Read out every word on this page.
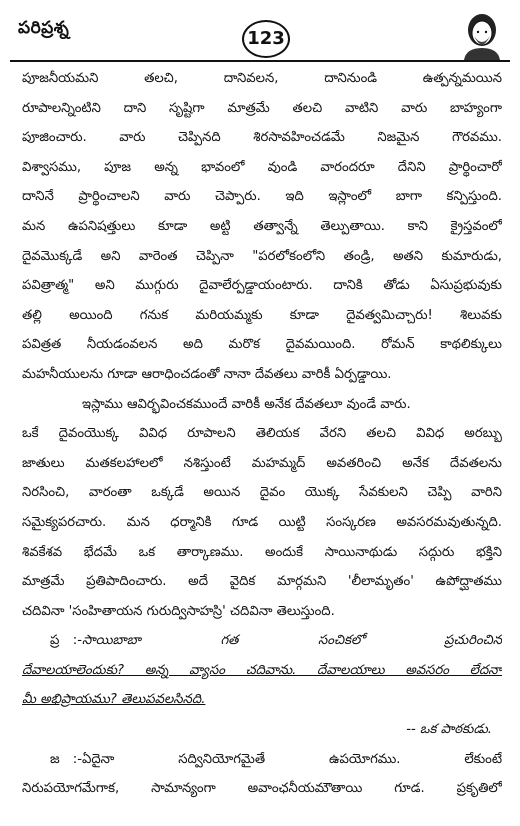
పరిప్రశ్న	123
పూజనీయమని తలచి, దానివలన, దానినుండి ఉత్పన్నమయిన
రూపాలన్నింటిని దాని సృష్టిగా మాత్రమే తలచి వాటిని వారు బాహ్యంగా
పూజించారు. వారు చెప్పినది శిరసావహించడమే నిజమైన గౌరవము.
విశ్వాసము, పూజ అన్న భావంలో వుండి వారందరూ దేనిని ప్రార్థించారో
దానినే ప్రార్థించాలని వారు చెప్పారు. ఇది ఇస్లాంలో బాగా కన్పిస్తుంది.
మన ఉపనిషత్తులు కూడా అట్టి తత్వాన్నే తెల్పుతాయి. కాని క్రైస్తవంలో
దైవమొక్కడే అని వారెంత చెప్పినా "పరలోకంలోని తండ్రి, అతని కుమారుడు,
పవిత్రాత్మ" అని ముగ్గురు దైవాలేర్పడ్డాయంటారు. దానికి తోడు ఏసుప్రభువుకు
తల్లి అయింది గనుక మరియమ్మకు కూడా దైవత్వమిచ్చారు! శిలువకు
పవిత్రత నీయడంవలన అది మరొక దైవమయింది. రోమన్ కాథలిక్కులు
మహనీయులను గూడా ఆరాధించడంతో నానా దేవతలు వారికీ ఏర్పడ్డాయి.
ఇస్లాము ఆవిర్భవించకముందే వారికీ అనేక దేవతలూ వుండే వారు.
ఒకే దైవంయొక్క వివిధ రూపాలని తెలియక వేరని తలచి వివిధ అరబ్బు
జాతులు మతకలహాలలో నశిస్తుంటే మహమ్మద్ అవతరించి అనేక దేవతలను
నిరసించి, వారంతా ఒక్కడే అయిన దైవం యొక్క సేవకులని చెప్పి వారిని
సమైక్యపరచారు. మన ధర్మానికి గూడ యిట్టి సంస్కరణ అవసరమవుతున్నది.
శివకేశవ భేదమే ఒక తార్కాణము. అందుకే సాయినాథుడు సద్గురు భక్తిని
మాత్రమే ప్రతిపాదించారు. అదే వైదిక మార్గమని 'లీలామృతం' ఉపోద్ఘాతము
చదివినా 'సంహితాయన గురుద్విసాహస్రి' చదివినా తెలుస్తుంది.
ప్ర :- సాయిబాబా గత సంచికలో ప్రచురించిన
దేవాలయాలెందుకు? అన్న వ్యాసం చదివాను. దేవాలయాలు అవసరం లేదనా
మీ అభిప్రాయము? తెలుపవలసినది.
-- ఒక పాఠకుడు.
జ :- ఏదైనా సద్వినియోగమైతే ఉపయోగము. లేకుంటే
నిరుపయోగమేగాక, సామాన్యంగా అవాంఛనీయమౌతాయి గూడ. ప్రకృతిలో
